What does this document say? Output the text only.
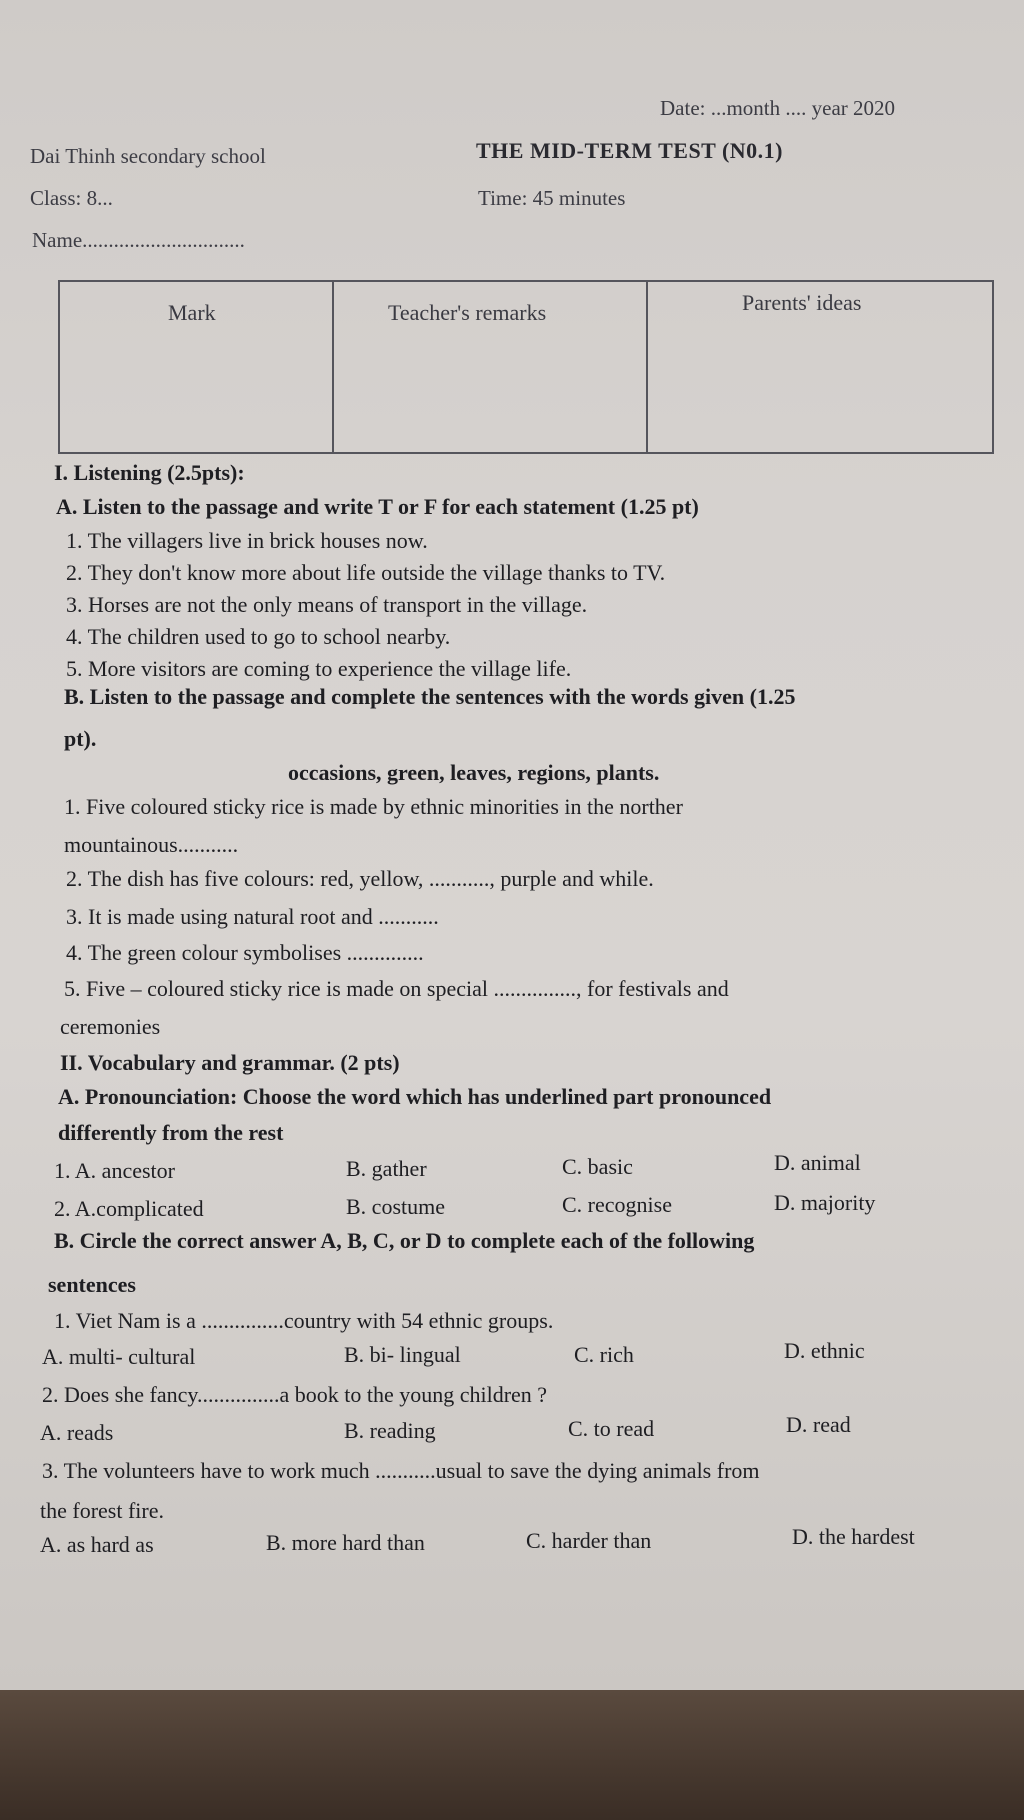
Date: ...month .... year 2020
Dai Thinh secondary school	THE MID-TERM TEST (N0.1)
Class: 8...	Time: 45 minutes
Name...............................
Mark	Teacher's remarks	Parents' ideas
I. Listening (2.5pts):
A. Listen to the passage and write T or F for each statement (1.25 pt)
1. The villagers live in brick houses now.
2. They don't know more about life outside the village thanks to TV.
3. Horses are not the only means of transport in the village.
4. The children used to go to school nearby.
5. More visitors are coming to experience the village life.
B. Listen to the passage and complete the sentences with the words given (1.25
pt).
occasions, green, leaves, regions, plants.
1. Five coloured sticky rice is made by ethnic minorities in the norther
mountainous...........
2. The dish has five colours: red, yellow, ..........., purple and while.
3. It is made using natural root and ...........
4. The green colour symbolises ..............
5. Five – coloured sticky rice is made on special ..............., for festivals and
ceremonies
II. Vocabulary and grammar. (2 pts)
A. Pronounciation: Choose the word which has underlined part pronounced
differently from the rest
1. A. ancestor	B. gather	C. basic	D. animal
2. A.complicated	B. costume	C. recognise	D. majority
B. Circle the correct answer A, B, C, or D to complete each of the following
sentences
1. Viet Nam is a ...............country with 54 ethnic groups.
A. multi- cultural	B. bi- lingual	C. rich	D. ethnic
2. Does she fancy...............a book to the young children ?
A. reads	B. reading	C. to read	D. read
3. The volunteers have to work much ...........usual to save the dying animals from
the forest fire.
A. as hard as	B. more hard than	C. harder than	D. the hardest
